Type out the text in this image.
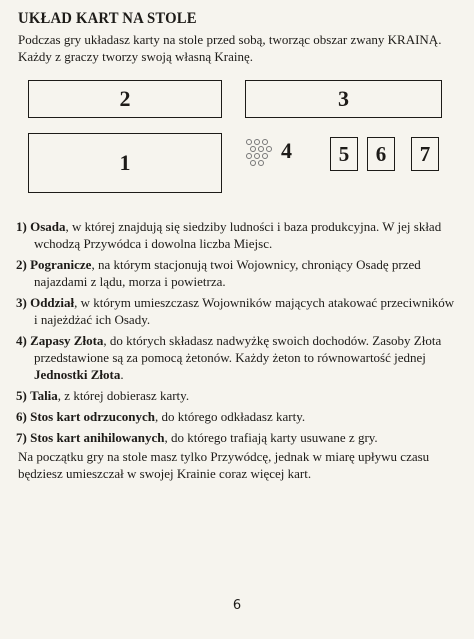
UKŁAD KART NA STOLE
Podczas gry układasz karty na stole przed sobą, tworząc obszar zwany KRAINĄ. Każdy z graczy tworzy swoją własną Krainę.
2	3
1	4	5	6	7
1) Osada, w której znajdują się siedziby ludności i baza produkcyjna. W jej skład wchodzą Przywódca i dowolna liczba Miejsc.
2) Pogranicze, na którym stacjonują twoi Wojownicy, chroniący Osadę przed najazdami z lądu, morza i powietrza.
3) Oddział, w którym umieszczasz Wojowników mających atakować przeciwników i najeżdżać ich Osady.
4) Zapasy Złota, do których składasz nadwyżkę swoich dochodów. Zasoby Złota przedstawione są za pomocą żetonów. Każdy żeton to równowartość jednej Jednostki Złota.
5) Talia, z której dobierasz karty.
6) Stos kart odrzuconych, do którego odkładasz karty.
7) Stos kart anihilowanych, do którego trafiają karty usuwane z gry.
Na początku gry na stole masz tylko Przywódcę, jednak w miarę upływu czasu będziesz umieszczał w swojej Krainie coraz więcej kart.
6
